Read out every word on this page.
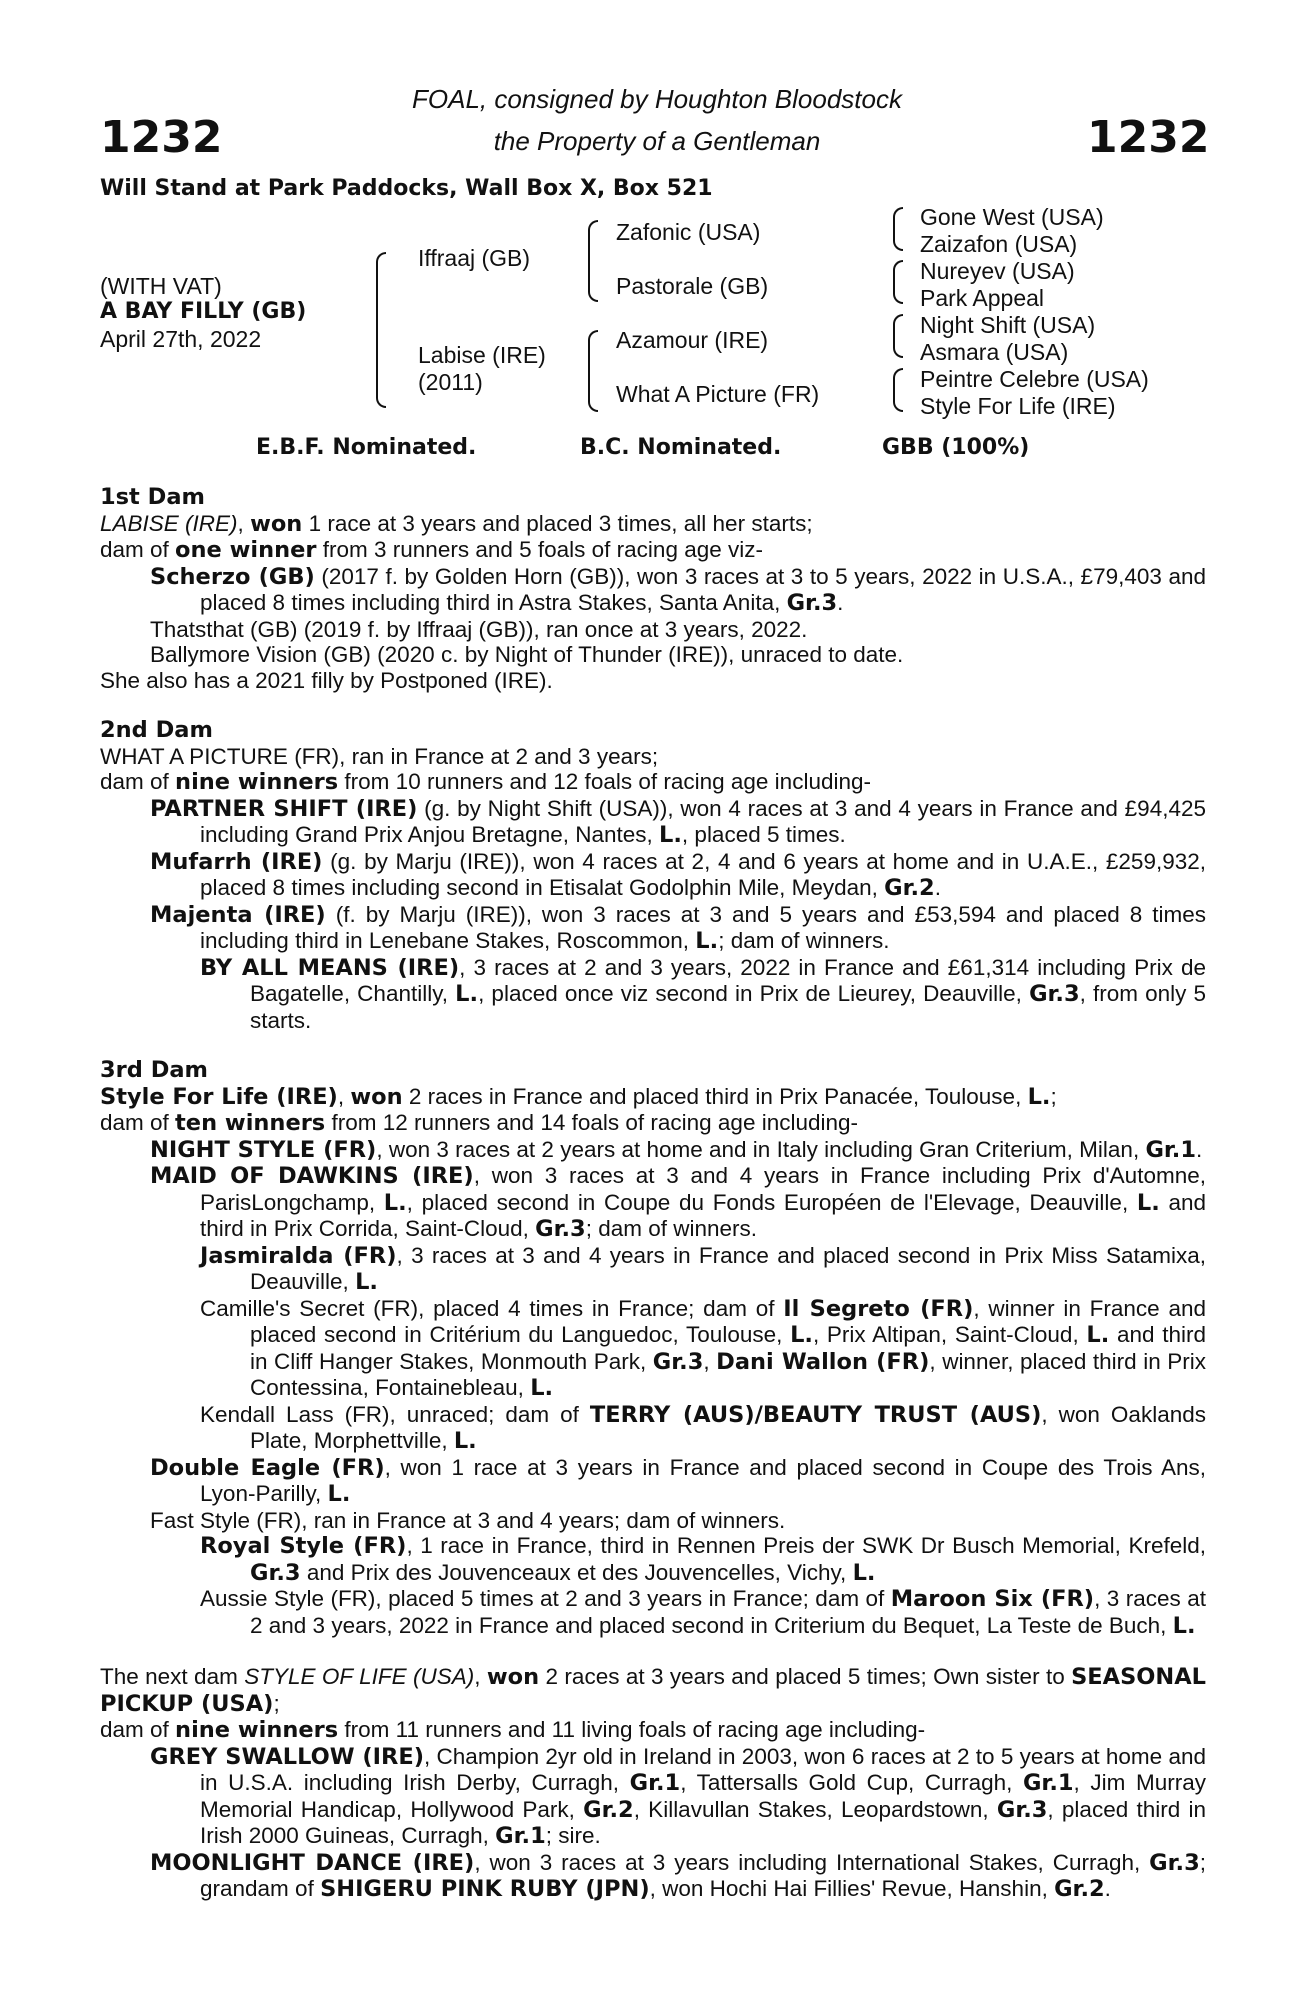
1232	1232
FOAL, consigned by Houghton Bloodstock
the Property of a Gentleman
Will Stand at Park Paddocks, Wall Box X, Box 521
(WITH VAT)
A BAY FILLY (GB)
April 27th, 2022
Iffraaj (GB)
Labise (IRE)
(2011)
Zafonic (USA)
Pastorale (GB)
Azamour (IRE)
What A Picture (FR)
Gone West (USA)
Zaizafon (USA)
Nureyev (USA)
Park Appeal
Night Shift (USA)
Asmara (USA)
Peintre Celebre (USA)
Style For Life (IRE)
E.B.F. Nominated.	B.C. Nominated.	GBB (100%)

1st Dam

LABISE (IRE), won 1 race at 3 years and placed 3 times, all her starts;

dam of one winner from 3 runners and 5 foals of racing age viz-

Scherzo (GB) (2017 f. by Golden Horn (GB)), won 3 races at 3 to 5 years, 2022 in U.S.A., £79,403 and placed 8 times including third in Astra Stakes, Santa Anita, Gr.3.

Thatsthat (GB) (2019 f. by Iffraaj (GB)), ran once at 3 years, 2022.

Ballymore Vision (GB) (2020 c. by Night of Thunder (IRE)), unraced to date.

She also has a 2021 filly by Postponed (IRE).

2nd Dam

WHAT A PICTURE (FR), ran in France at 2 and 3 years;

dam of nine winners from 10 runners and 12 foals of racing age including-

PARTNER SHIFT (IRE) (g. by Night Shift (USA)), won 4 races at 3 and 4 years in France and £94,425 including Grand Prix Anjou Bretagne, Nantes, L., placed 5 times.

Mufarrh (IRE) (g. by Marju (IRE)), won 4 races at 2, 4 and 6 years at home and in U.A.E., £259,932, placed 8 times including second in Etisalat Godolphin Mile, Meydan, Gr.2.

Majenta (IRE) (f. by Marju (IRE)), won 3 races at 3 and 5 years and £53,594 and placed 8 times including third in Lenebane Stakes, Roscommon, L.; dam of winners.

BY ALL MEANS (IRE), 3 races at 2 and 3 years, 2022 in France and £61,314 including Prix de Bagatelle, Chantilly, L., placed once viz second in Prix de Lieurey, Deauville, Gr.3, from only 5 starts.

3rd Dam

Style For Life (IRE), won 2 races in France and placed third in Prix Panacée, Toulouse, L.;

dam of ten winners from 12 runners and 14 foals of racing age including-

NIGHT STYLE (FR), won 3 races at 2 years at home and in Italy including Gran Criterium, Milan, Gr.1.

MAID OF DAWKINS (IRE), won 3 races at 3 and 4 years in France including Prix d'Automne, ParisLongchamp, L., placed second in Coupe du Fonds Européen de l'Elevage, Deauville, L. and third in Prix Corrida, Saint-Cloud, Gr.3; dam of winners.

Jasmiralda (FR), 3 races at 3 and 4 years in France and placed second in Prix Miss Satamixa, Deauville, L.

Camille's Secret (FR), placed 4 times in France; dam of Il Segreto (FR), winner in France and placed second in Critérium du Languedoc, Toulouse, L., Prix Altipan, Saint-Cloud, L. and third in Cliff Hanger Stakes, Monmouth Park, Gr.3, Dani Wallon (FR), winner, placed third in Prix Contessina, Fontainebleau, L.

Kendall Lass (FR), unraced; dam of TERRY (AUS)/BEAUTY TRUST (AUS), won Oaklands Plate, Morphettville, L.

Double Eagle (FR), won 1 race at 3 years in France and placed second in Coupe des Trois Ans, Lyon-Parilly, L.

Fast Style (FR), ran in France at 3 and 4 years; dam of winners.

Royal Style (FR), 1 race in France, third in Rennen Preis der SWK Dr Busch Memorial, Krefeld, Gr.3 and Prix des Jouvenceaux et des Jouvencelles, Vichy, L.

Aussie Style (FR), placed 5 times at 2 and 3 years in France; dam of Maroon Six (FR), 3 races at 2 and 3 years, 2022 in France and placed second in Criterium du Bequet, La Teste de Buch, L.

The next dam STYLE OF LIFE (USA), won 2 races at 3 years and placed 5 times; Own sister to SEASONAL PICKUP (USA);

dam of nine winners from 11 runners and 11 living foals of racing age including-

GREY SWALLOW (IRE), Champion 2yr old in Ireland in 2003, won 6 races at 2 to 5 years at home and in U.S.A. including Irish Derby, Curragh, Gr.1, Tattersalls Gold Cup, Curragh, Gr.1, Jim Murray Memorial Handicap, Hollywood Park, Gr.2, Killavullan Stakes, Leopardstown, Gr.3, placed third in Irish 2000 Guineas, Curragh, Gr.1; sire.

MOONLIGHT DANCE (IRE), won 3 races at 3 years including International Stakes, Curragh, Gr.3; grandam of SHIGERU PINK RUBY (JPN), won Hochi Hai Fillies' Revue, Hanshin, Gr.2.
